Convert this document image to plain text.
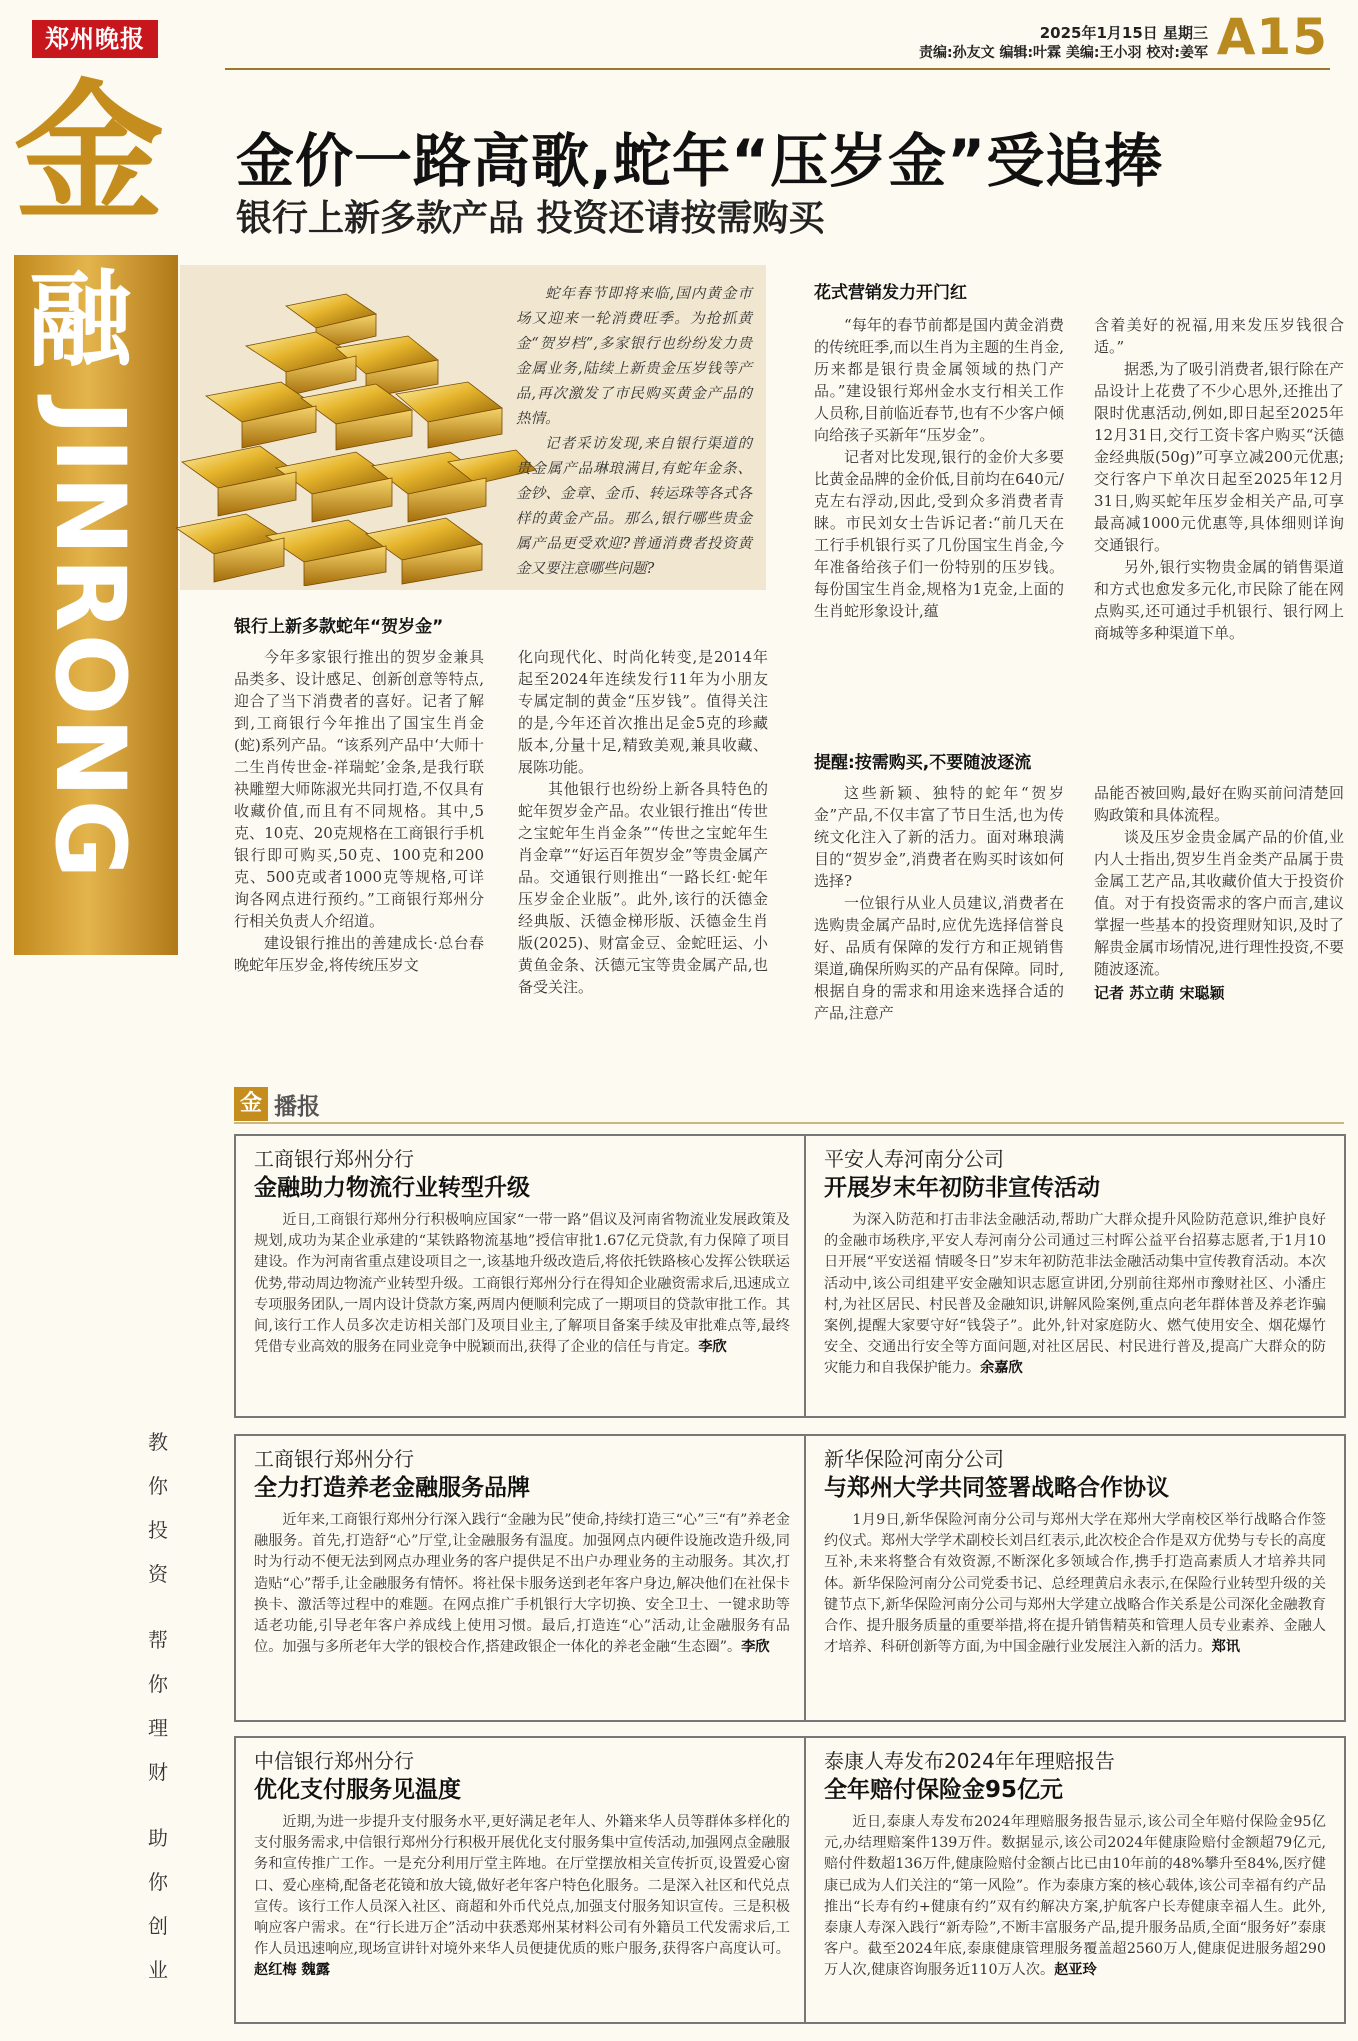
郑州晚报	2025年1月15日 星期三
责编:孙友文 编辑:叶霖 美编:王小羽 校对:姜军 A15
金
融
JINRONG

教

你

投

资

帮

你

理

财

助

你

创

业

金价一路高歌,蛇年“压岁金”受追捧
银行上新多款产品 投资还请按需购买

蛇年春节即将来临,国内黄金市场又迎来一轮消费旺季。为抢抓黄金“贺岁档”,多家银行也纷纷发力贵金属业务,陆续上新贵金压岁钱等产品,再次激发了市民购买黄金产品的热情。

记者采访发现,来自银行渠道的贵金属产品琳琅满目,有蛇年金条、金钞、金章、金币、转运珠等各式各样的黄金产品。那么,银行哪些贵金属产品更受欢迎?普通消费者投资黄金又要注意哪些问题?

银行上新多款蛇年“贺岁金”

今年多家银行推出的贺岁金兼具品类多、设计感足、创新创意等特点,迎合了当下消费者的喜好。记者了解到,工商银行今年推出了国宝生肖金(蛇)系列产品。“该系列产品中‘大师十二生肖传世金-祥瑞蛇’金条,是我行联袂雕塑大师陈淑光共同打造,不仅具有收藏价值,而且有不同规格。其中,5克、10克、20克规格在工商银行手机银行即可购买,50克、100克和200克、500克或者1000克等规格,可详询各网点进行预约。”工商银行郑州分行相关负责人介绍道。

建设银行推出的善建成长·总台春晚蛇年压岁金,将传统压岁文

化向现代化、时尚化转变,是2014年起至2024年连续发行11年为小朋友专属定制的黄金“压岁钱”。值得关注的是,今年还首次推出足金5克的珍藏版本,分量十足,精致美观,兼具收藏、展陈功能。

其他银行也纷纷上新各具特色的蛇年贺岁金产品。农业银行推出“传世之宝蛇年生肖金条”“传世之宝蛇年生肖金章”“好运百年贺岁金”等贵金属产品。交通银行则推出“一路长红·蛇年压岁金企业版”。此外,该行的沃德金经典版、沃德金梯形版、沃德金生肖版(2025)、财富金豆、金蛇旺运、小黄鱼金条、沃德元宝等贵金属产品,也备受关注。

花式营销发力开门红

“每年的春节前都是国内黄金消费的传统旺季,而以生肖为主题的生肖金,历来都是银行贵金属领域的热门产品。”建设银行郑州金水支行相关工作人员称,目前临近春节,也有不少客户倾向给孩子买新年“压岁金”。

记者对比发现,银行的金价大多要比黄金品牌的金价低,目前均在640元/克左右浮动,因此,受到众多消费者青睐。市民刘女士告诉记者:“前几天在工行手机银行买了几份国宝生肖金,今年准备给孩子们一份特别的压岁钱。每份国宝生肖金,规格为1克金,上面的生肖蛇形象设计,蕴

含着美好的祝福,用来发压岁钱很合适。”

据悉,为了吸引消费者,银行除在产品设计上花费了不少心思外,还推出了限时优惠活动,例如,即日起至2025年12月31日,交行工资卡客户购买“沃德金经典版(50g)”可享立减200元优惠;交行客户下单次日起至2025年12月31日,购买蛇年压岁金相关产品,可享最高减1000元优惠等,具体细则详询交通银行。

另外,银行实物贵金属的销售渠道和方式也愈发多元化,市民除了能在网点购买,还可通过手机银行、银行网上商城等多种渠道下单。

提醒:按需购买,不要随波逐流

这些新颖、独特的蛇年“贺岁金”产品,不仅丰富了节日生活,也为传统文化注入了新的活力。面对琳琅满目的“贺岁金”,消费者在购买时该如何选择?

一位银行从业人员建议,消费者在选购贵金属产品时,应优先选择信誉良好、品质有保障的发行方和正规销售渠道,确保所购买的产品有保障。同时,根据自身的需求和用途来选择合适的产品,注意产

品能否被回购,最好在购买前问清楚回购政策和具体流程。

谈及压岁金贵金属产品的价值,业内人士指出,贺岁生肖金类产品属于贵金属工艺产品,其收藏价值大于投资价值。对于有投资需求的客户而言,建议掌握一些基本的投资理财知识,及时了解贵金属市场情况,进行理性投资,不要随波逐流。

记者 苏立萌 宋聪颖

金 播报
工商银行郑州分行
金融助力物流行业转型升级
近日,工商银行郑州分行积极响应国家“一带一路”倡议及河南省物流业发展政策及规划,成功为某企业承建的“某铁路物流基地”授信审批1.67亿元贷款,有力保障了项目建设。作为河南省重点建设项目之一,该基地升级改造后,将依托铁路核心发挥公铁联运优势,带动周边物流产业转型升级。工商银行郑州分行在得知企业融资需求后,迅速成立专项服务团队,一周内设计贷款方案,两周内便顺利完成了一期项目的贷款审批工作。其间,该行工作人员多次走访相关部门及项目业主,了解项目备案手续及审批难点等,最终凭借专业高效的服务在同业竞争中脱颖而出,获得了企业的信任与肯定。李欣
平安人寿河南分公司
开展岁末年初防非宣传活动
为深入防范和打击非法金融活动,帮助广大群众提升风险防范意识,维护良好的金融市场秩序,平安人寿河南分公司通过三村晖公益平台招募志愿者,于1月10日开展“平安送福 情暖冬日”岁末年初防范非法金融活动集中宣传教育活动。本次活动中,该公司组建平安金融知识志愿宣讲团,分别前往郑州市豫财社区、小潘庄村,为社区居民、村民普及金融知识,讲解风险案例,重点向老年群体普及养老诈骗案例,提醒大家要守好“钱袋子”。此外,针对家庭防火、燃气使用安全、烟花爆竹安全、交通出行安全等方面问题,对社区居民、村民进行普及,提高广大群众的防灾能力和自我保护能力。余嘉欣
工商银行郑州分行
全力打造养老金融服务品牌
近年来,工商银行郑州分行深入践行“金融为民”使命,持续打造三“心”三“有”养老金融服务。首先,打造舒“心”厅堂,让金融服务有温度。加强网点内硬件设施改造升级,同时为行动不便无法到网点办理业务的客户提供足不出户办理业务的主动服务。其次,打造贴“心”帮手,让金融服务有情怀。将社保卡服务送到老年客户身边,解决他们在社保卡换卡、激活等过程中的难题。在网点推广手机银行大字切换、安全卫士、一键求助等适老功能,引导老年客户养成线上使用习惯。最后,打造连“心”活动,让金融服务有品位。加强与多所老年大学的银校合作,搭建政银企一体化的养老金融“生态圈”。李欣
新华保险河南分公司
与郑州大学共同签署战略合作协议
1月9日,新华保险河南分公司与郑州大学在郑州大学南校区举行战略合作签约仪式。郑州大学学术副校长刘吕红表示,此次校企合作是双方优势与专长的高度互补,未来将整合有效资源,不断深化多领域合作,携手打造高素质人才培养共同体。新华保险河南分公司党委书记、总经理黄启永表示,在保险行业转型升级的关键节点下,新华保险河南分公司与郑州大学建立战略合作关系是公司深化金融教育合作、提升服务质量的重要举措,将在提升销售精英和管理人员专业素养、金融人才培养、科研创新等方面,为中国金融行业发展注入新的活力。郑讯
中信银行郑州分行
优化支付服务见温度
近期,为进一步提升支付服务水平,更好满足老年人、外籍来华人员等群体多样化的支付服务需求,中信银行郑州分行积极开展优化支付服务集中宣传活动,加强网点金融服务和宣传推广工作。一是充分利用厅堂主阵地。在厅堂摆放相关宣传折页,设置爱心窗口、爱心座椅,配备老花镜和放大镜,做好老年客户特色化服务。二是深入社区和代兑点宣传。该行工作人员深入社区、商超和外币代兑点,加强支付服务知识宣传。三是积极响应客户需求。在“行长进万企”活动中获悉郑州某材料公司有外籍员工代发需求后,工作人员迅速响应,现场宣讲针对境外来华人员便捷优质的账户服务,获得客户高度认可。赵红梅 魏露
泰康人寿发布2024年年理赔报告
全年赔付保险金95亿元
近日,泰康人寿发布2024年理赔服务报告显示,该公司全年赔付保险金95亿元,办结理赔案件139万件。数据显示,该公司2024年健康险赔付金额超79亿元,赔付件数超136万件,健康险赔付金额占比已由10年前的48%攀升至84%,医疗健康已成为人们关注的“第一风险”。作为泰康方案的核心载体,该公司幸福有约产品推出“长寿有约+健康有约”双有约解决方案,护航客户长寿健康幸福人生。此外,泰康人寿深入践行“新寿险”,不断丰富服务产品,提升服务品质,全面“服务好”泰康客户。截至2024年底,泰康健康管理服务覆盖超2560万人,健康促进服务超290万人次,健康咨询服务近110万人次。赵亚玲
